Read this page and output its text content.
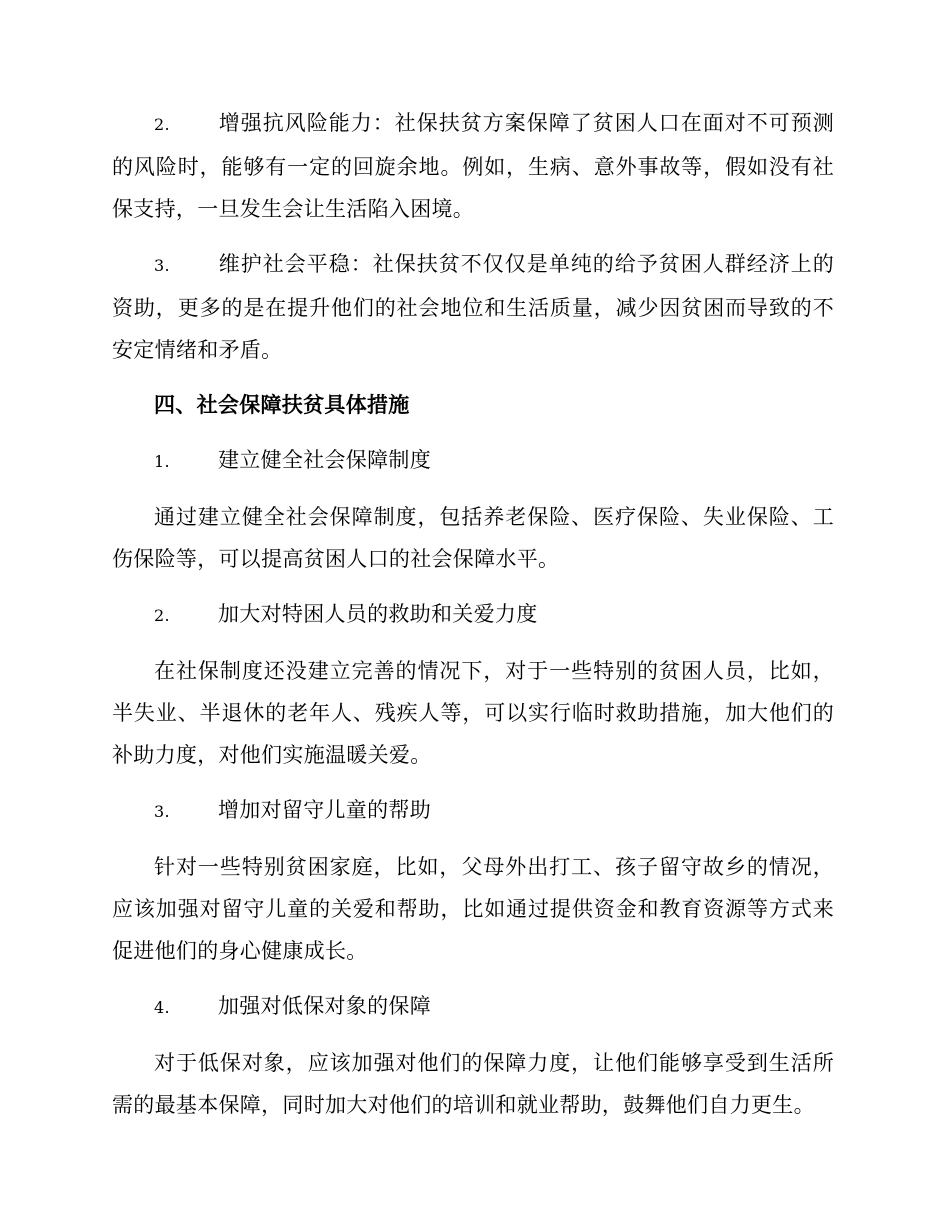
2. 增强抗风险能力：社保扶贫方案保障了贫困人口在面对不可预测的风险时，能够有一定的回旋余地。例如，生病、意外事故等，假如没有社保支持，一旦发生会让生活陷入困境。

3. 维护社会平稳：社保扶贫不仅仅是单纯的给予贫困人群经济上的资助，更多的是在提升他们的社会地位和生活质量，减少因贫困而导致的不安定情绪和矛盾。

四、社会保障扶贫具体措施

1. 建立健全社会保障制度

通过建立健全社会保障制度，包括养老保险、医疗保险、失业保险、工伤保险等，可以提高贫困人口的社会保障水平。

2. 加大对特困人员的救助和关爱力度

在社保制度还没建立完善的情况下，对于一些特别的贫困人员，比如，半失业、半退休的老年人、残疾人等，可以实行临时救助措施，加大他们的补助力度，对他们实施温暖关爱。

3. 增加对留守儿童的帮助

针对一些特别贫困家庭，比如，父母外出打工、孩子留守故乡的情况，应该加强对留守儿童的关爱和帮助，比如通过提供资金和教育资源等方式来促进他们的身心健康成长。

4. 加强对低保对象的保障

对于低保对象，应该加强对他们的保障力度，让他们能够享受到生活所需的最基本保障，同时加大对他们的培训和就业帮助，鼓舞他们自力更生。
